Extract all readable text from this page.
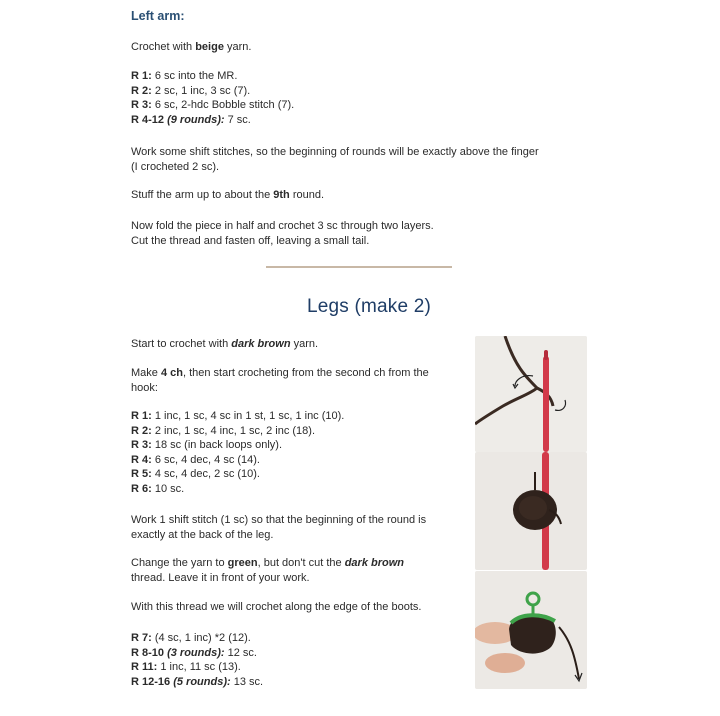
Left arm:
Crochet with beige yarn.
R 1: 6 sc into the MR.
R 2: 2 sc, 1 inc, 3 sc (7).
R 3: 6 sc, 2-hdc Bobble stitch (7).
R 4-12 (9 rounds): 7 sc.
Work some shift stitches, so the beginning of rounds will be exactly above the finger
(I crocheted 2 sc).
Stuff the arm up to about the 9th round.
Now fold the piece in half and crochet 3 sc through two layers.
Cut the thread and fasten off, leaving a small tail.
Legs (make 2)
Start to crochet with dark brown yarn.
Make 4 ch, then start crocheting from the second ch from the
hook:
R 1: 1 inc, 1 sc, 4 sc in 1 st, 1 sc, 1 inc (10).
R 2: 2 inc, 1 sc, 4 inc, 1 sc, 2 inc (18).
R 3: 18 sc (in back loops only).
R 4: 6 sc, 4 dec, 4 sc (14).
R 5: 4 sc, 4 dec, 2 sc (10).
R 6: 10 sc.
Work 1 shift stitch (1 sc) so that the beginning of the round is
exactly at the back of the leg.
Change the yarn to green, but don't cut the dark brown
thread. Leave it in front of your work.
With this thread we will crochet along the edge of the boots.
R 7: (4 sc, 1 inc) *2 (12).
R 8-10 (3 rounds): 12 sc.
R 11: 1 inc, 11 sc (13).
R 12-16 (5 rounds): 13 sc.
